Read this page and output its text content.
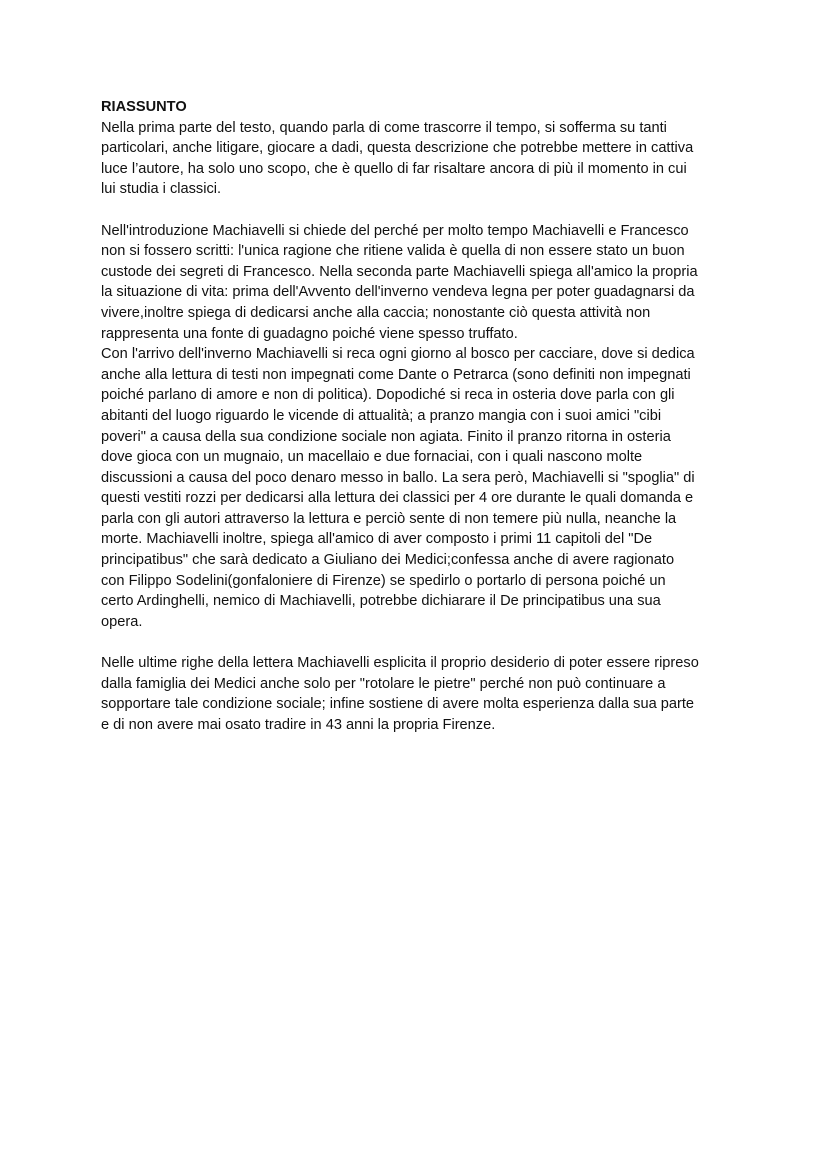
RIASSUNTO
Nella prima parte del testo, quando parla di come trascorre il tempo, si sofferma su tanti
particolari, anche litigare, giocare a dadi, questa descrizione che potrebbe mettere in cattiva
luce l’autore, ha solo uno scopo, che è quello di far risaltare ancora di più il momento in cui
lui studia i classici.
Nell'introduzione Machiavelli si chiede del perché per molto tempo Machiavelli e Francesco
non si fossero scritti: l'unica ragione che ritiene valida è quella di non essere stato un buon
custode dei segreti di Francesco. Nella seconda parte Machiavelli spiega all'amico la propria
la situazione di vita: prima dell'Avvento dell'inverno vendeva legna per poter guadagnarsi da
vivere,inoltre spiega di dedicarsi anche alla caccia; nonostante ciò questa attività non
rappresenta una fonte di guadagno poiché viene spesso truffato.
Con l'arrivo dell'inverno Machiavelli si reca ogni giorno al bosco per cacciare, dove si dedica
anche alla lettura di testi non impegnati come Dante o Petrarca (sono definiti non impegnati
poiché parlano di amore e non di politica). Dopodiché si reca in osteria dove parla con gli
abitanti del luogo riguardo le vicende di attualità; a pranzo mangia con i suoi amici "cibi
poveri" a causa della sua condizione sociale non agiata. Finito il pranzo ritorna in osteria
dove gioca con un mugnaio, un macellaio e due fornaciai, con i quali nascono molte
discussioni a causa del poco denaro messo in ballo. La sera però, Machiavelli si "spoglia" di
questi vestiti rozzi per dedicarsi alla lettura dei classici per 4 ore durante le quali domanda e
parla con gli autori attraverso la lettura e perciò sente di non temere più nulla, neanche la
morte. Machiavelli inoltre, spiega all'amico di aver composto i primi 11 capitoli del "De
principatibus" che sarà dedicato a Giuliano dei Medici;confessa anche di avere ragionato
con Filippo Sodelini(gonfaloniere di Firenze) se spedirlo o portarlo di persona poiché un
certo Ardinghelli, nemico di Machiavelli, potrebbe dichiarare il De principatibus una sua
opera.
Nelle ultime righe della lettera Machiavelli esplicita il proprio desiderio di poter essere ripreso
dalla famiglia dei Medici anche solo per "rotolare le pietre" perché non può continuare a
sopportare tale condizione sociale; infine sostiene di avere molta esperienza dalla sua parte
e di non avere mai osato tradire in 43 anni la propria Firenze.
